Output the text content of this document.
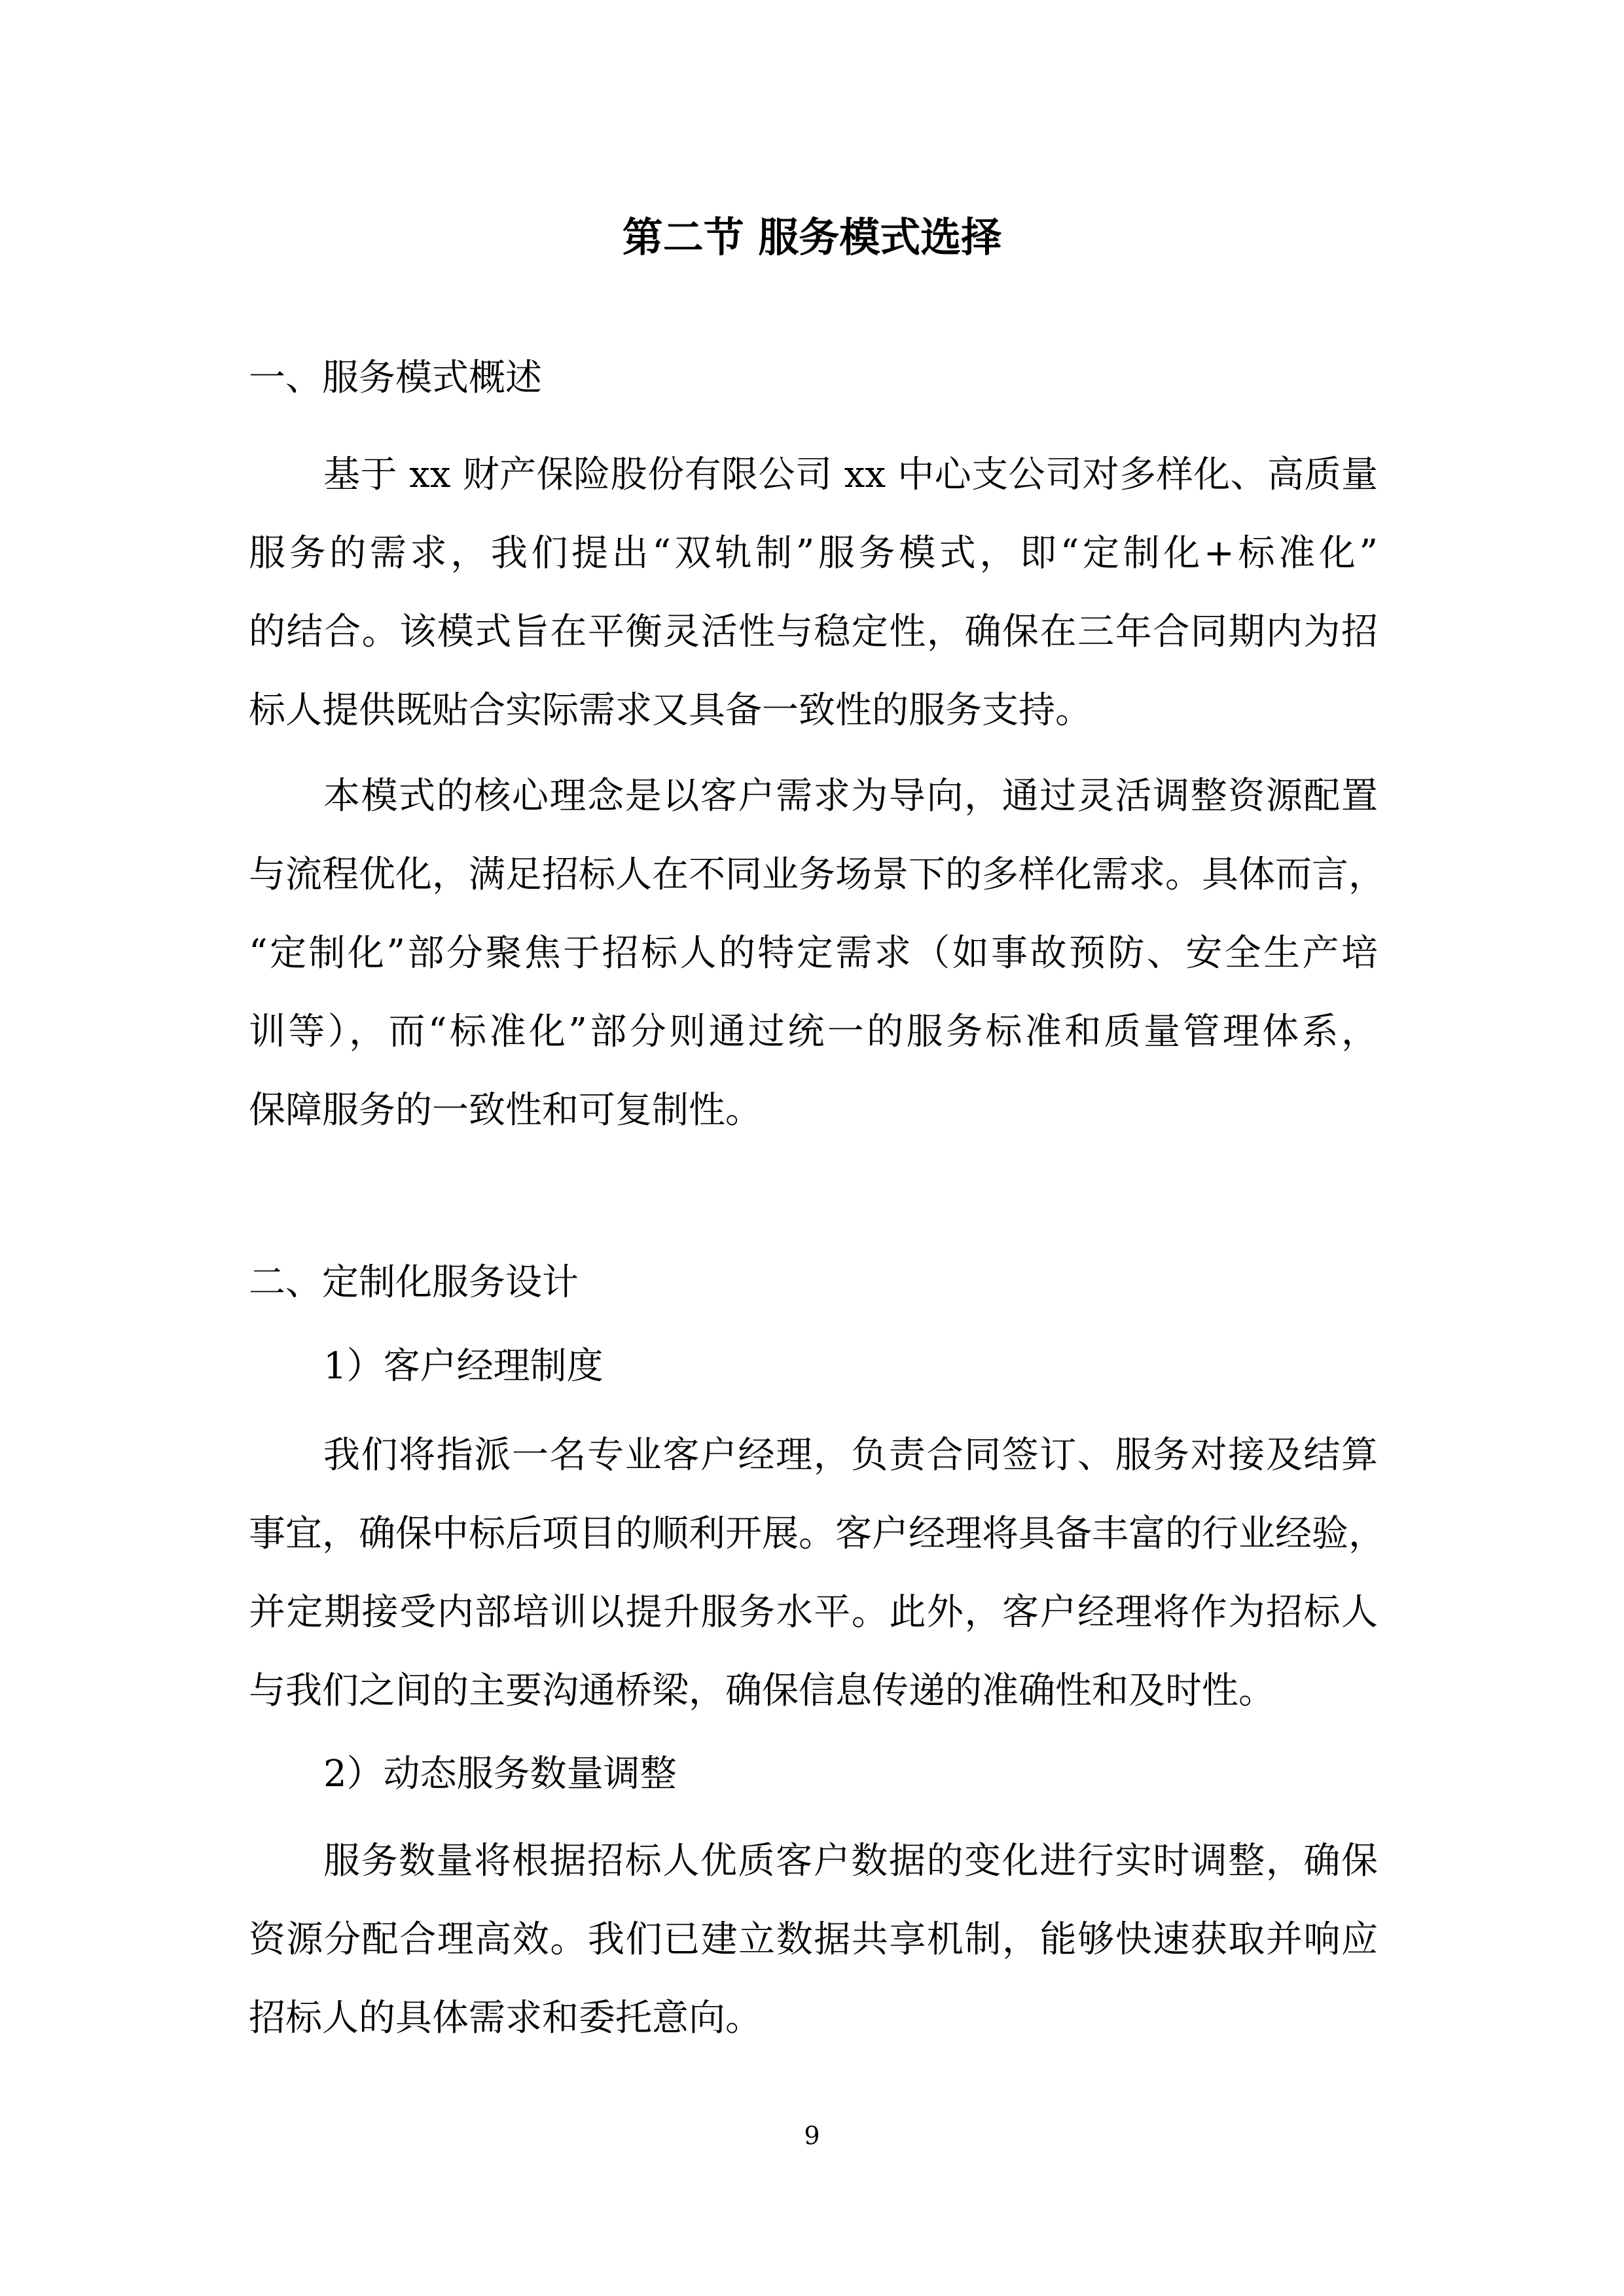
第二节 服务模式选择

一、服务模式概述

基于 xx 财产保险股份有限公司 xx 中心支公司对多样化、高质量

服务的需求，我们提出“双轨制”服务模式，即“定制化+标准化”

的结合。该模式旨在平衡灵活性与稳定性，确保在三年合同期内为招

标人提供既贴合实际需求又具备一致性的服务支持。

本模式的核心理念是以客户需求为导向，通过灵活调整资源配置

与流程优化，满足招标人在不同业务场景下的多样化需求。具体而言，

“定制化”部分聚焦于招标人的特定需求（如事故预防、安全生产培

训等），而“标准化”部分则通过统一的服务标准和质量管理体系，

保障服务的一致性和可复制性。

二、定制化服务设计

1）客户经理制度

我们将指派一名专业客户经理，负责合同签订、服务对接及结算

事宜，确保中标后项目的顺利开展。客户经理将具备丰富的行业经验，

并定期接受内部培训以提升服务水平。此外，客户经理将作为招标人

与我们之间的主要沟通桥梁，确保信息传递的准确性和及时性。

2）动态服务数量调整

服务数量将根据招标人优质客户数据的变化进行实时调整，确保

资源分配合理高效。我们已建立数据共享机制，能够快速获取并响应

招标人的具体需求和委托意向。

9
